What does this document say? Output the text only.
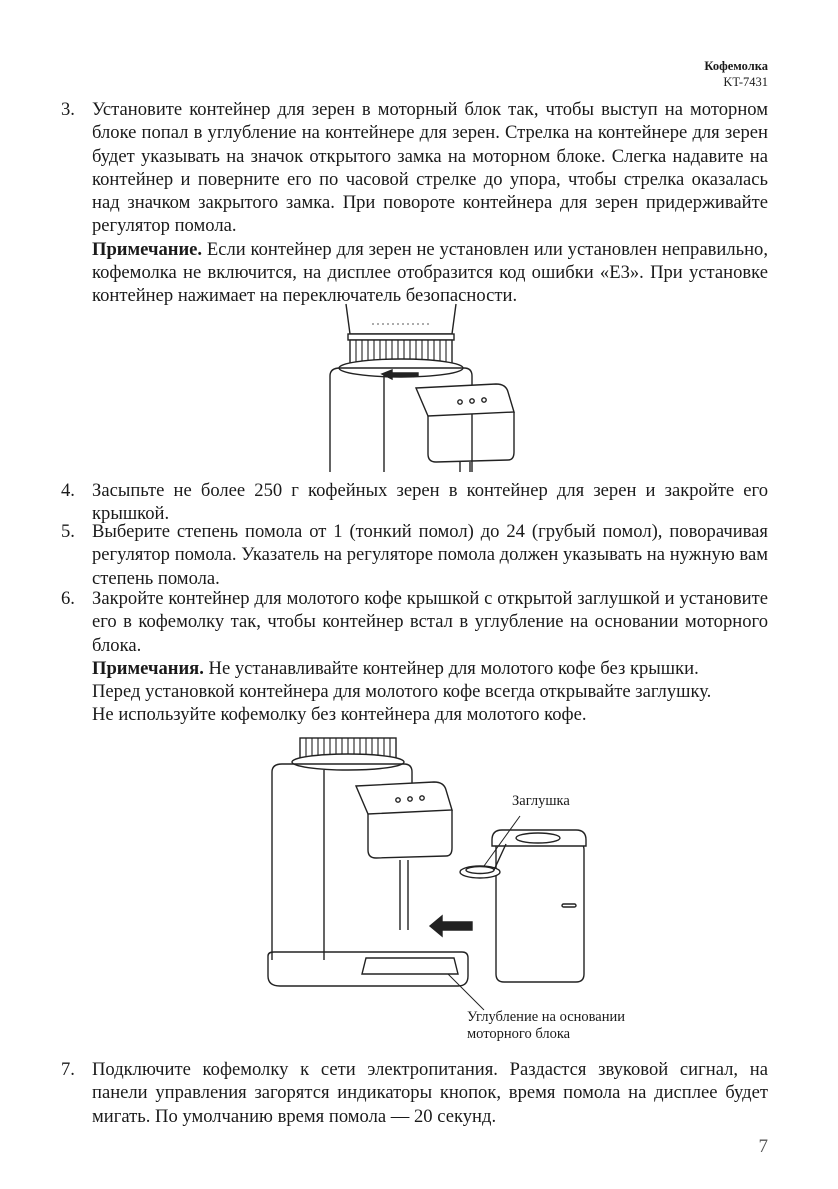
Кофемолка
KT-7431
3. Установите контейнер для зерен в моторный блок так, чтобы выступ на моторном блоке попал в углубление на контейнере для зерен. Стрелка на контейнере для зерен будет указывать на значок открытого замка на моторном блоке. Слегка надавите на контейнер и поверните его по часовой стрелке до упора, чтобы стрелка оказалась над значком закрытого замка. При повороте контейнера для зерен придерживайте регулятор помола.

Примечание. Если контейнер для зерен не установлен или установлен неправильно, кофемолка не включится, на дисплее отобразится код ошибки «E3». При установке контейнер нажимает на переключатель безопасности.

4. Засыпьте не более 250 г кофейных зерен в контейнер для зерен и закройте его крышкой.

5. Выберите степень помола от 1 (тонкий помол) до 24 (грубый помол), поворачивая регулятор помола. Указатель на регуляторе помола должен указывать на нужную вам степень помола.

6. Закройте контейнер для молотого кофе крышкой с открытой заглушкой и установите его в кофемолку так, чтобы контейнер встал в углубление на основании моторного блока.

Примечания. Не устанавливайте контейнер для молотого кофе без крышки.

Перед установкой контейнера для молотого кофе всегда открывайте заглушку.

Не используйте кофемолку без контейнера для молотого кофе.

Заглушка
Углубление на основании
моторного блока
7. Подключите кофемолку к сети электропитания. Раздастся звуковой сигнал, на панели управления загорятся индикаторы кнопок, время помола на дисплее будет мигать. По умолчанию время помола — 20 секунд.

7
